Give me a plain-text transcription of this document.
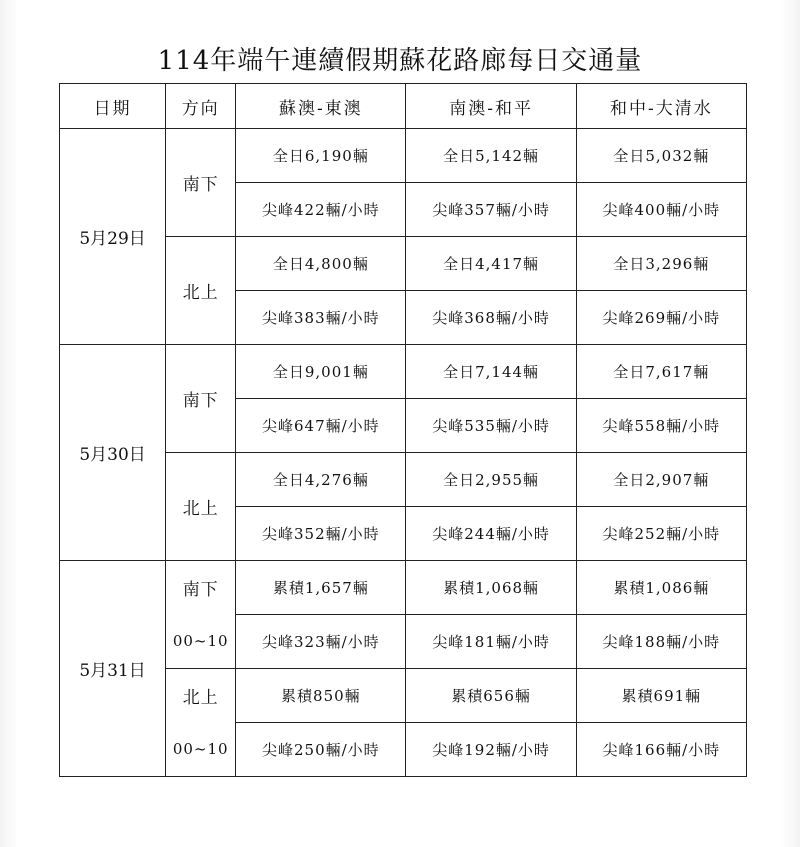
114年端午連續假期蘇花路廊每日交通量
日期	方向	蘇澳-東澳	南澳-和平	和中-大清水
5月29日	南下	全日6,190輛	全日5,142輛	全日5,032輛
		尖峰422輛/小時	尖峰357輛/小時	尖峰400輛/小時
	北上	全日4,800輛	全日4,417輛	全日3,296輛
		尖峰383輛/小時	尖峰368輛/小時	尖峰269輛/小時
5月30日	南下	全日9,001輛	全日7,144輛	全日7,617輛
		尖峰647輛/小時	尖峰535輛/小時	尖峰558輛/小時
	北上	全日4,276輛	全日2,955輛	全日2,907輛
		尖峰352輛/小時	尖峰244輛/小時	尖峰252輛/小時
5月31日	南下	累積1,657輛	累積1,068輛	累積1,086輛
	00~10	尖峰323輛/小時	尖峰181輛/小時	尖峰188輛/小時
	北上	累積850輛	累積656輛	累積691輛
	00~10	尖峰250輛/小時	尖峰192輛/小時	尖峰166輛/小時
